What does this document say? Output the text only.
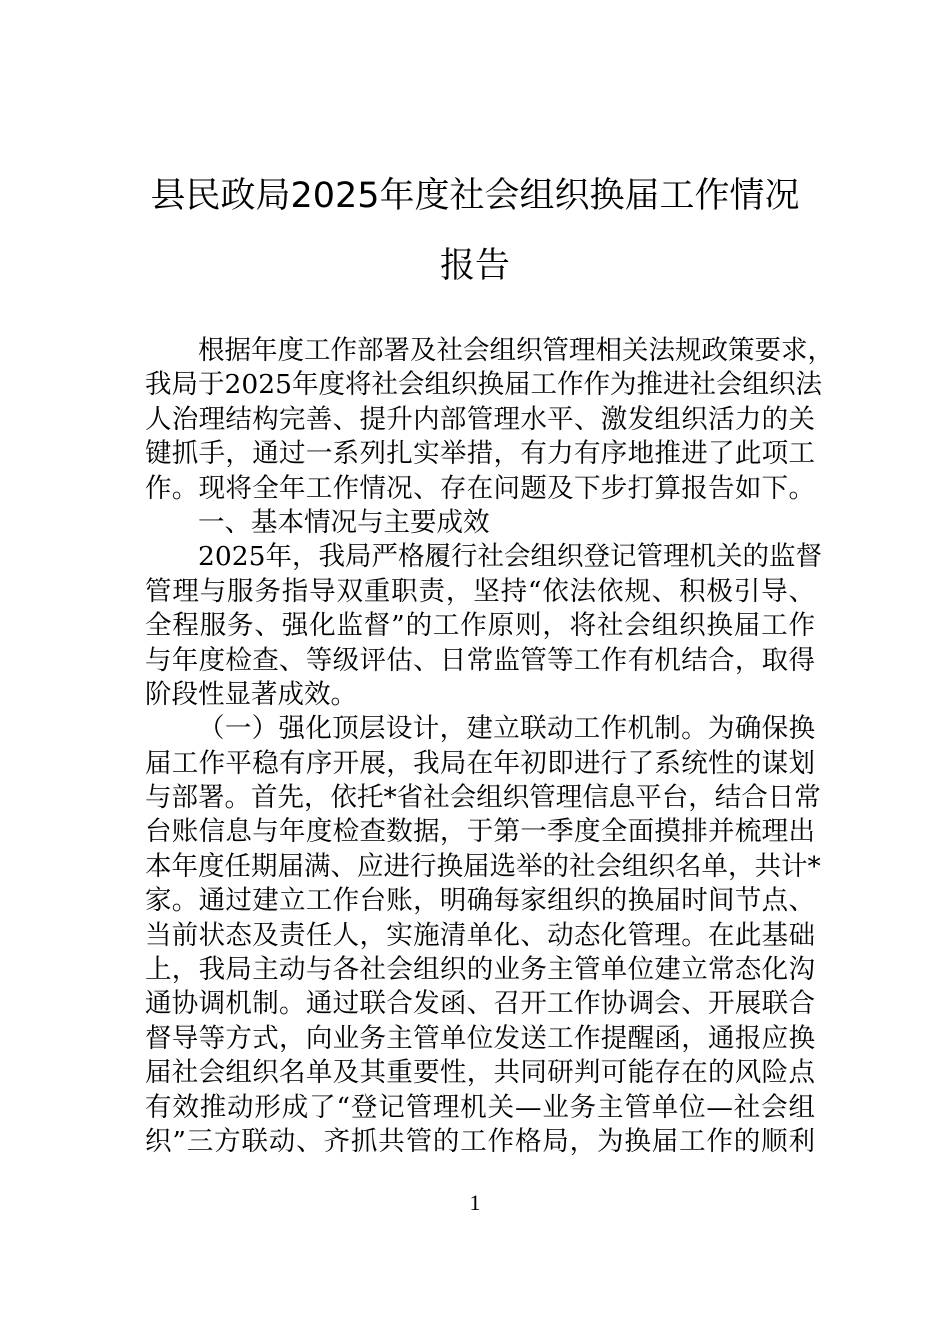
县民政局2025年度社会组织换届工作情况
报告
根据年度工作部署及社会组织管理相关法规政策要求，
我局于2025年度将社会组织换届工作作为推进社会组织法
人治理结构完善、提升内部管理水平、激发组织活力的关
键抓手，通过一系列扎实举措，有力有序地推进了此项工
作。现将全年工作情况、存在问题及下步打算报告如下。
一、基本情况与主要成效
2025年，我局严格履行社会组织登记管理机关的监督
管理与服务指导双重职责，坚持“依法依规、积极引导、
全程服务、强化监督”的工作原则，将社会组织换届工作
与年度检查、等级评估、日常监管等工作有机结合，取得
阶段性显著成效。
（一）强化顶层设计，建立联动工作机制。为确保换
届工作平稳有序开展，我局在年初即进行了系统性的谋划
与部署。首先，依托*省社会组织管理信息平台，结合日常
台账信息与年度检查数据，于第一季度全面摸排并梳理出
本年度任期届满、应进行换届选举的社会组织名单，共计*
家。通过建立工作台账，明确每家组织的换届时间节点、
当前状态及责任人，实施清单化、动态化管理。在此基础
上，我局主动与各社会组织的业务主管单位建立常态化沟
通协调机制。通过联合发函、召开工作协调会、开展联合
督导等方式，向业务主管单位发送工作提醒函，通报应换
届社会组织名单及其重要性，共同研判可能存在的风险点
有效推动形成了“登记管理机关—业务主管单位—社会组
织”三方联动、齐抓共管的工作格局，为换届工作的顺利
1
